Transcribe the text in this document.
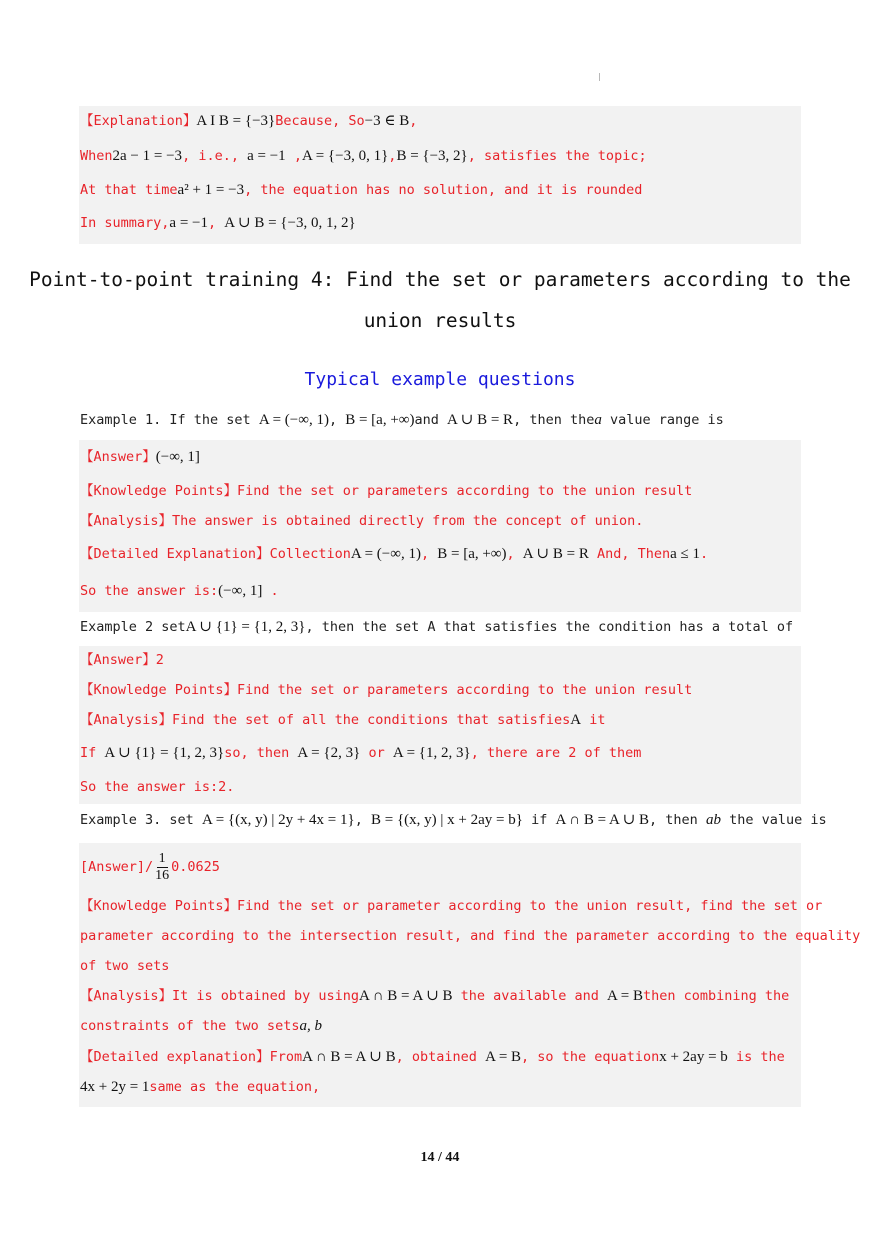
|
【Explanation】A I B = {−3}Because, So−3 ∈ B,
When2a − 1 = −3, i.e., a = −1 ,A = {−3, 0, 1},B = {−3, 2}, satisfies the topic;
At that timea² + 1 = −3, the equation has no solution, and it is rounded
In summary,a = −1, A ∪ B = {−3, 0, 1, 2}
Point-to-point training 4: Find the set or parameters according to the
union results
Typical example questions
Example 1. If the set A = (−∞, 1), B = [a, +∞)and A ∪ B = R, then thea value range is
【Answer】(−∞, 1]
【Knowledge Points】Find the set or parameters according to the union result
【Analysis】The answer is obtained directly from the concept of union.
【Detailed Explanation】CollectionA = (−∞, 1), B = [a, +∞), A ∪ B = R And, Thena ≤ 1.
So the answer is:(−∞, 1] .
Example 2 setA ∪ {1} = {1, 2, 3}, then the set A that satisfies the condition has a total of
【Answer】2
【Knowledge Points】Find the set or parameters according to the union result
【Analysis】Find the set of all the conditions that satisfiesA it
If A ∪ {1} = {1, 2, 3}so, then A = {2, 3} or A = {1, 2, 3}, there are 2 of them
So the answer is:2.
Example 3. set A = {(x, y) | 2y + 4x = 1}, B = {(x, y) | x + 2ay = b} if A ∩ B = A ∪ B, then ab the value is
[Answer]/ $\frac{1}{16} 0.0625$
【Knowledge Points】Find the set or parameter according to the union result, find the set or
parameter according to the intersection result, and find the parameter according to the equality
of two sets
【Analysis】It is obtained by usingA ∩ B = A ∪ B the available and A = Bthen combining the
constraints of the two setsa, b
【Detailed explanation】FromA ∩ B = A ∪ B, obtained A = B, so the equationx + 2ay = b is the
4x + 2y = 1same as the equation,
14 / 44
